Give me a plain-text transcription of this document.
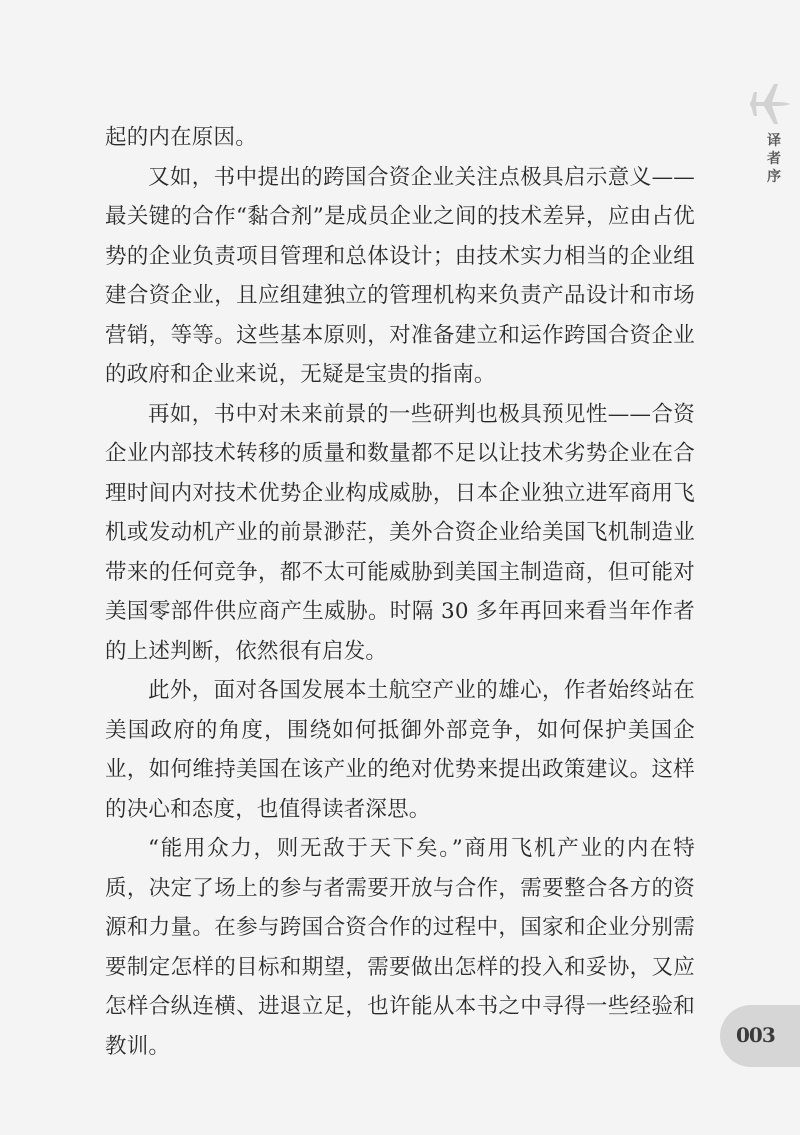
译者序

起的内在原因。

又如，书中提出的跨国合资企业关注点极具启示意义——最关键的合作“黏合剂”是成员企业之间的技术差异，应由占优势的企业负责项目管理和总体设计；由技术实力相当的企业组建合资企业，且应组建独立的管理机构来负责产品设计和市场营销，等等。这些基本原则，对准备建立和运作跨国合资企业的政府和企业来说，无疑是宝贵的指南。

再如，书中对未来前景的一些研判也极具预见性——合资企业内部技术转移的质量和数量都不足以让技术劣势企业在合理时间内对技术优势企业构成威胁，日本企业独立进军商用飞机或发动机产业的前景渺茫，美外合资企业给美国飞机制造业带来的任何竞争，都不太可能威胁到美国主制造商，但可能对美国零部件供应商产生威胁。时隔 30 多年再回来看当年作者的上述判断，依然很有启发。

此外，面对各国发展本土航空产业的雄心，作者始终站在美国政府的角度，围绕如何抵御外部竞争，如何保护美国企业，如何维持美国在该产业的绝对优势来提出政策建议。这样的决心和态度，也值得读者深思。

“能用众力，则无敌于天下矣。”商用飞机产业的内在特质，决定了场上的参与者需要开放与合作，需要整合各方的资源和力量。在参与跨国合资合作的过程中，国家和企业分别需要制定怎样的目标和期望，需要做出怎样的投入和妥协，又应怎样合纵连横、进退立足，也许能从本书之中寻得一些经验和教训。	003
